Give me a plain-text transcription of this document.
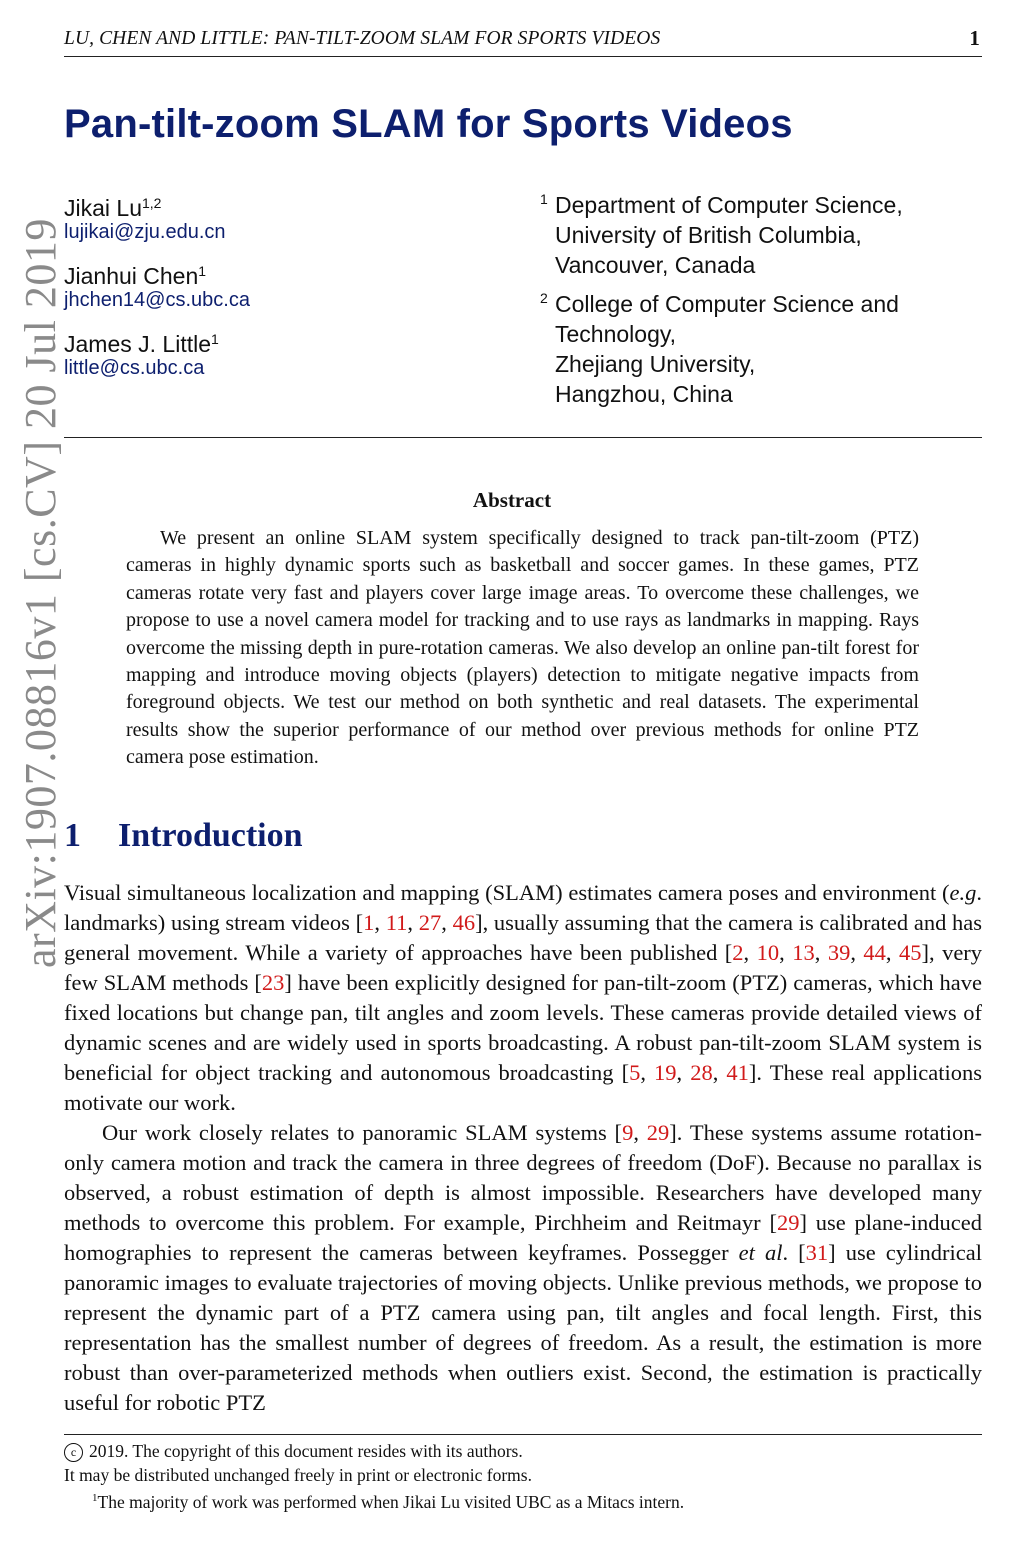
LU, CHEN AND LITTLE: PAN-TILT-ZOOM SLAM FOR SPORTS VIDEOS	1
arXiv:1907.08816v1 [cs.CV] 20 Jul 2019
Pan-tilt-zoom SLAM for Sports Videos
Jikai Lu$^{1,2}$
lujikai@zju.edu.cn
Jianhui Chen$^1$
jhchen14@cs.ubc.ca
James J. Little$^1$
little@cs.ubc.ca
1 Department of Computer Science,
University of British Columbia,
Vancouver, Canada
2 College of Computer Science and
Technology,
Zhejiang University,
Hangzhou, China
Abstract

We present an online SLAM system specifically designed to track pan-tilt-zoom (PTZ) cameras in highly dynamic sports such as basketball and soccer games. In these games, PTZ cameras rotate very fast and players cover large image areas. To overcome these challenges, we propose to use a novel camera model for tracking and to use rays as landmarks in mapping. Rays overcome the missing depth in pure-rotation cameras. We also develop an online pan-tilt forest for mapping and introduce moving objects (players) detection to mitigate negative impacts from foreground objects. We test our method on both synthetic and real datasets. The experimental results show the superior performance of our method over previous methods for online PTZ camera pose estimation.

1 Introduction

Visual simultaneous localization and mapping (SLAM) estimates camera poses and environment (e.g. landmarks) using stream videos [1, 11, 27, 46], usually assuming that the camera is calibrated and has general movement. While a variety of approaches have been published [2, 10, 13, 39, 44, 45], very few SLAM methods [23] have been explicitly designed for pan-tilt-zoom (PTZ) cameras, which have fixed locations but change pan, tilt angles and zoom levels. These cameras provide detailed views of dynamic scenes and are widely used in sports broadcasting. A robust pan-tilt-zoom SLAM system is beneficial for object tracking and autonomous broadcasting [5, 19, 28, 41]. These real applications motivate our work.

Our work closely relates to panoramic SLAM systems [9, 29]. These systems assume rotation-only camera motion and track the camera in three degrees of freedom (DoF). Because no parallax is observed, a robust estimation of depth is almost impossible. Researchers have developed many methods to overcome this problem. For example, Pirchheim and Reitmayr [29] use plane-induced homographies to represent the cameras between keyframes. Possegger et al. [31] use cylindrical panoramic images to evaluate trajectories of moving objects. Unlike previous methods, we propose to represent the dynamic part of a PTZ camera using pan, tilt angles and focal length. First, this representation has the smallest number of degrees of freedom. As a result, the estimation is more robust than over-parameterized methods when outliers exist. Second, the estimation is practically useful for robotic PTZ

c 2019. The copyright of this document resides with its authors.
It may be distributed unchanged freely in print or electronic forms.
$^1$The majority of work was performed when Jikai Lu visited UBC as a Mitacs intern.
